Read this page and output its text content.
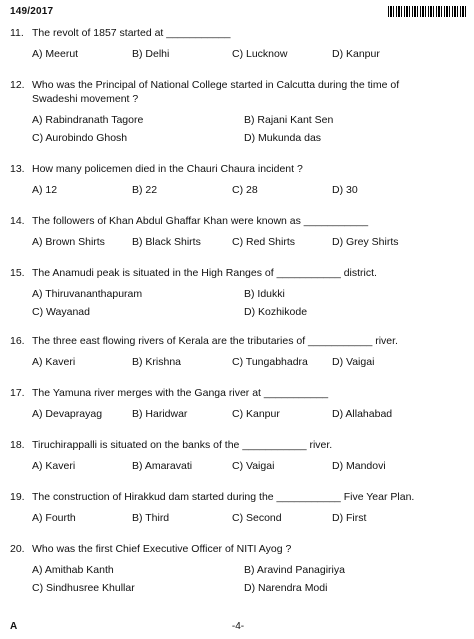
149/2017
11. The revolt of 1857 started at ___________
A) Meerut	B) Delhi	C) Lucknow	D) Kanpur
12. Who was the Principal of National College started in Calcutta during the time of
Swadeshi movement ?
A) Rabindranath Tagore	B) Rajani Kant Sen
C) Aurobindo Ghosh	D) Mukunda das
13. How many policemen died in the Chauri Chaura incident ?
A) 12	B) 22	C) 28	D) 30
14. The followers of Khan Abdul Ghaffar Khan were known as ___________
A) Brown Shirts	B) Black Shirts	C) Red Shirts	D) Grey Shirts
15. The Anamudi peak is situated in the High Ranges of ___________ district.
A) Thiruvananthapuram	B) Idukki
C) Wayanad	D) Kozhikode
16. The three east flowing rivers of Kerala are the tributaries of ___________ river.
A) Kaveri	B) Krishna	C) Tungabhadra	D) Vaigai
17. The Yamuna river merges with the Ganga river at ___________
A) Devaprayag	B) Haridwar	C) Kanpur	D) Allahabad
18. Tiruchirappalli is situated on the banks of the ___________ river.
A) Kaveri	B) Amaravati	C) Vaigai	D) Mandovi
19. The construction of Hirakkud dam started during the ___________ Five Year Plan.
A) Fourth	B) Third	C) Second	D) First
20. Who was the first Chief Executive Officer of NITI Ayog ?
A) Amithab Kanth	B) Aravind Panagiriya
C) Sindhusree Khullar	D) Narendra Modi
A	-4-
